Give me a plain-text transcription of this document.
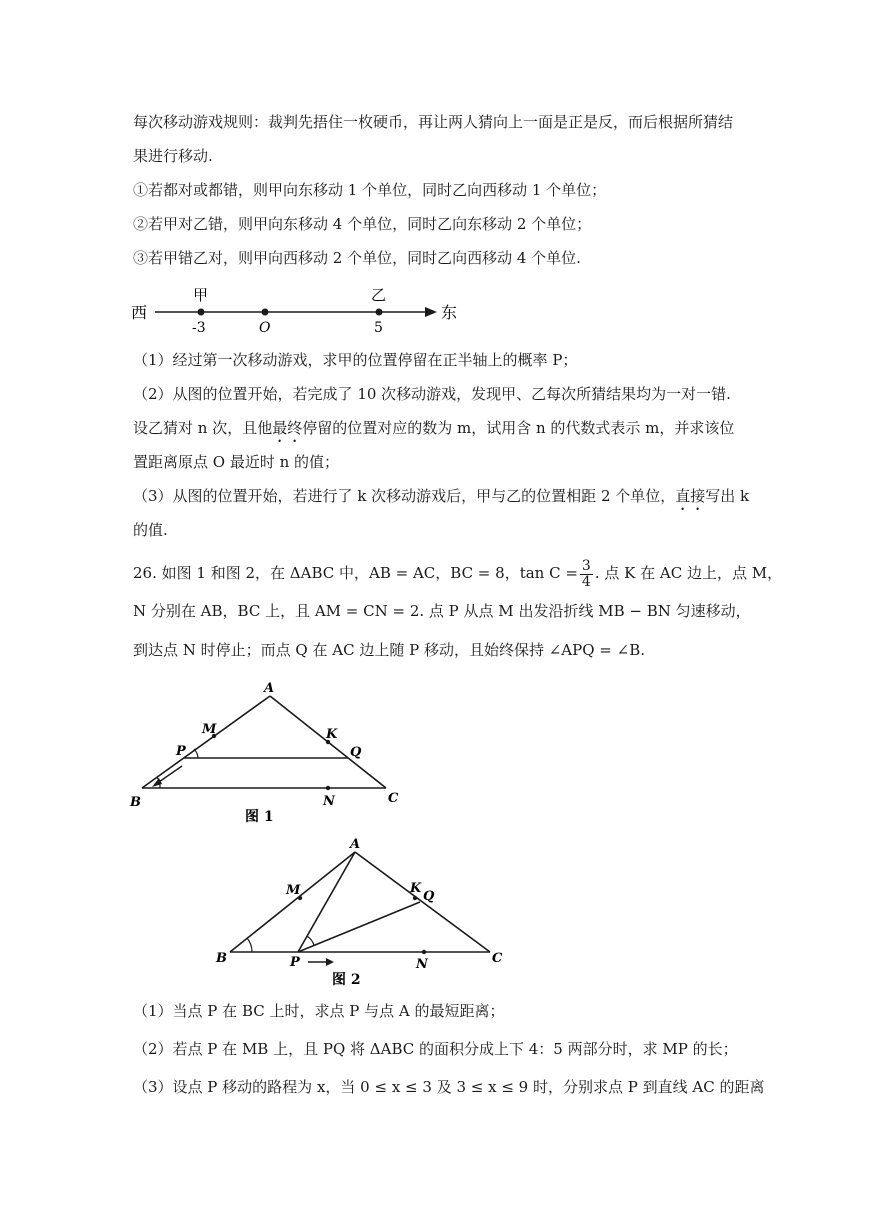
每次移动游戏规则：裁判先捂住一枚硬币，再让两人猜向上一面是正是反，而后根据所猜结
果进行移动.
①若都对或都错，则甲向东移动 1 个单位，同时乙向西移动 1 个单位；
②若甲对乙错，则甲向东移动 4 个单位，同时乙向东移动 2 个单位；
③若甲错乙对，则甲向西移动 2 个单位，同时乙向西移动 4 个单位.
西	东
甲	乙
-3	O	5
（1）经过第一次移动游戏，求甲的位置停留在正半轴上的概率 P；
（2）从图的位置开始，若完成了 10 次移动游戏，发现甲、乙每次所猜结果均为一对一错.
设乙猜对 n 次，且他最终停留的位置对应的数为 m，试用含 n 的代数式表示 m，并求该位
置距离原点 O 最近时 n 的值；
（3）从图的位置开始，若进行了 k 次移动游戏后，甲与乙的位置相距 2 个单位，直接写出 k
的值.
26. 如图 1 和图 2，在 ΔABC 中，AB = AC，BC = 8，$\tan C = \frac{3}{4}$ . 点 K 在 AC 边上，点 M，
N 分别在 AB，BC 上，且 AM = CN = 2. 点 P 从点 M 出发沿折线 MB − BN 匀速移动，
到达点 N 时停止；而点 Q 在 AC 边上随 P 移动，且始终保持 ∠APQ = ∠B.
A
B	C
M	K
P	Q
N
图 1
A
B	C
M	K
Q
P	N
图 2
（1）当点 P 在 BC 上时，求点 P 与点 A 的最短距离；
（2）若点 P 在 MB 上，且 PQ 将 ΔABC 的面积分成上下 4：5 两部分时，求 MP 的长；
（3）设点 P 移动的路程为 x，当 0 ≤ x ≤ 3 及 3 ≤ x ≤ 9 时，分别求点 P 到直线 AC 的距离
